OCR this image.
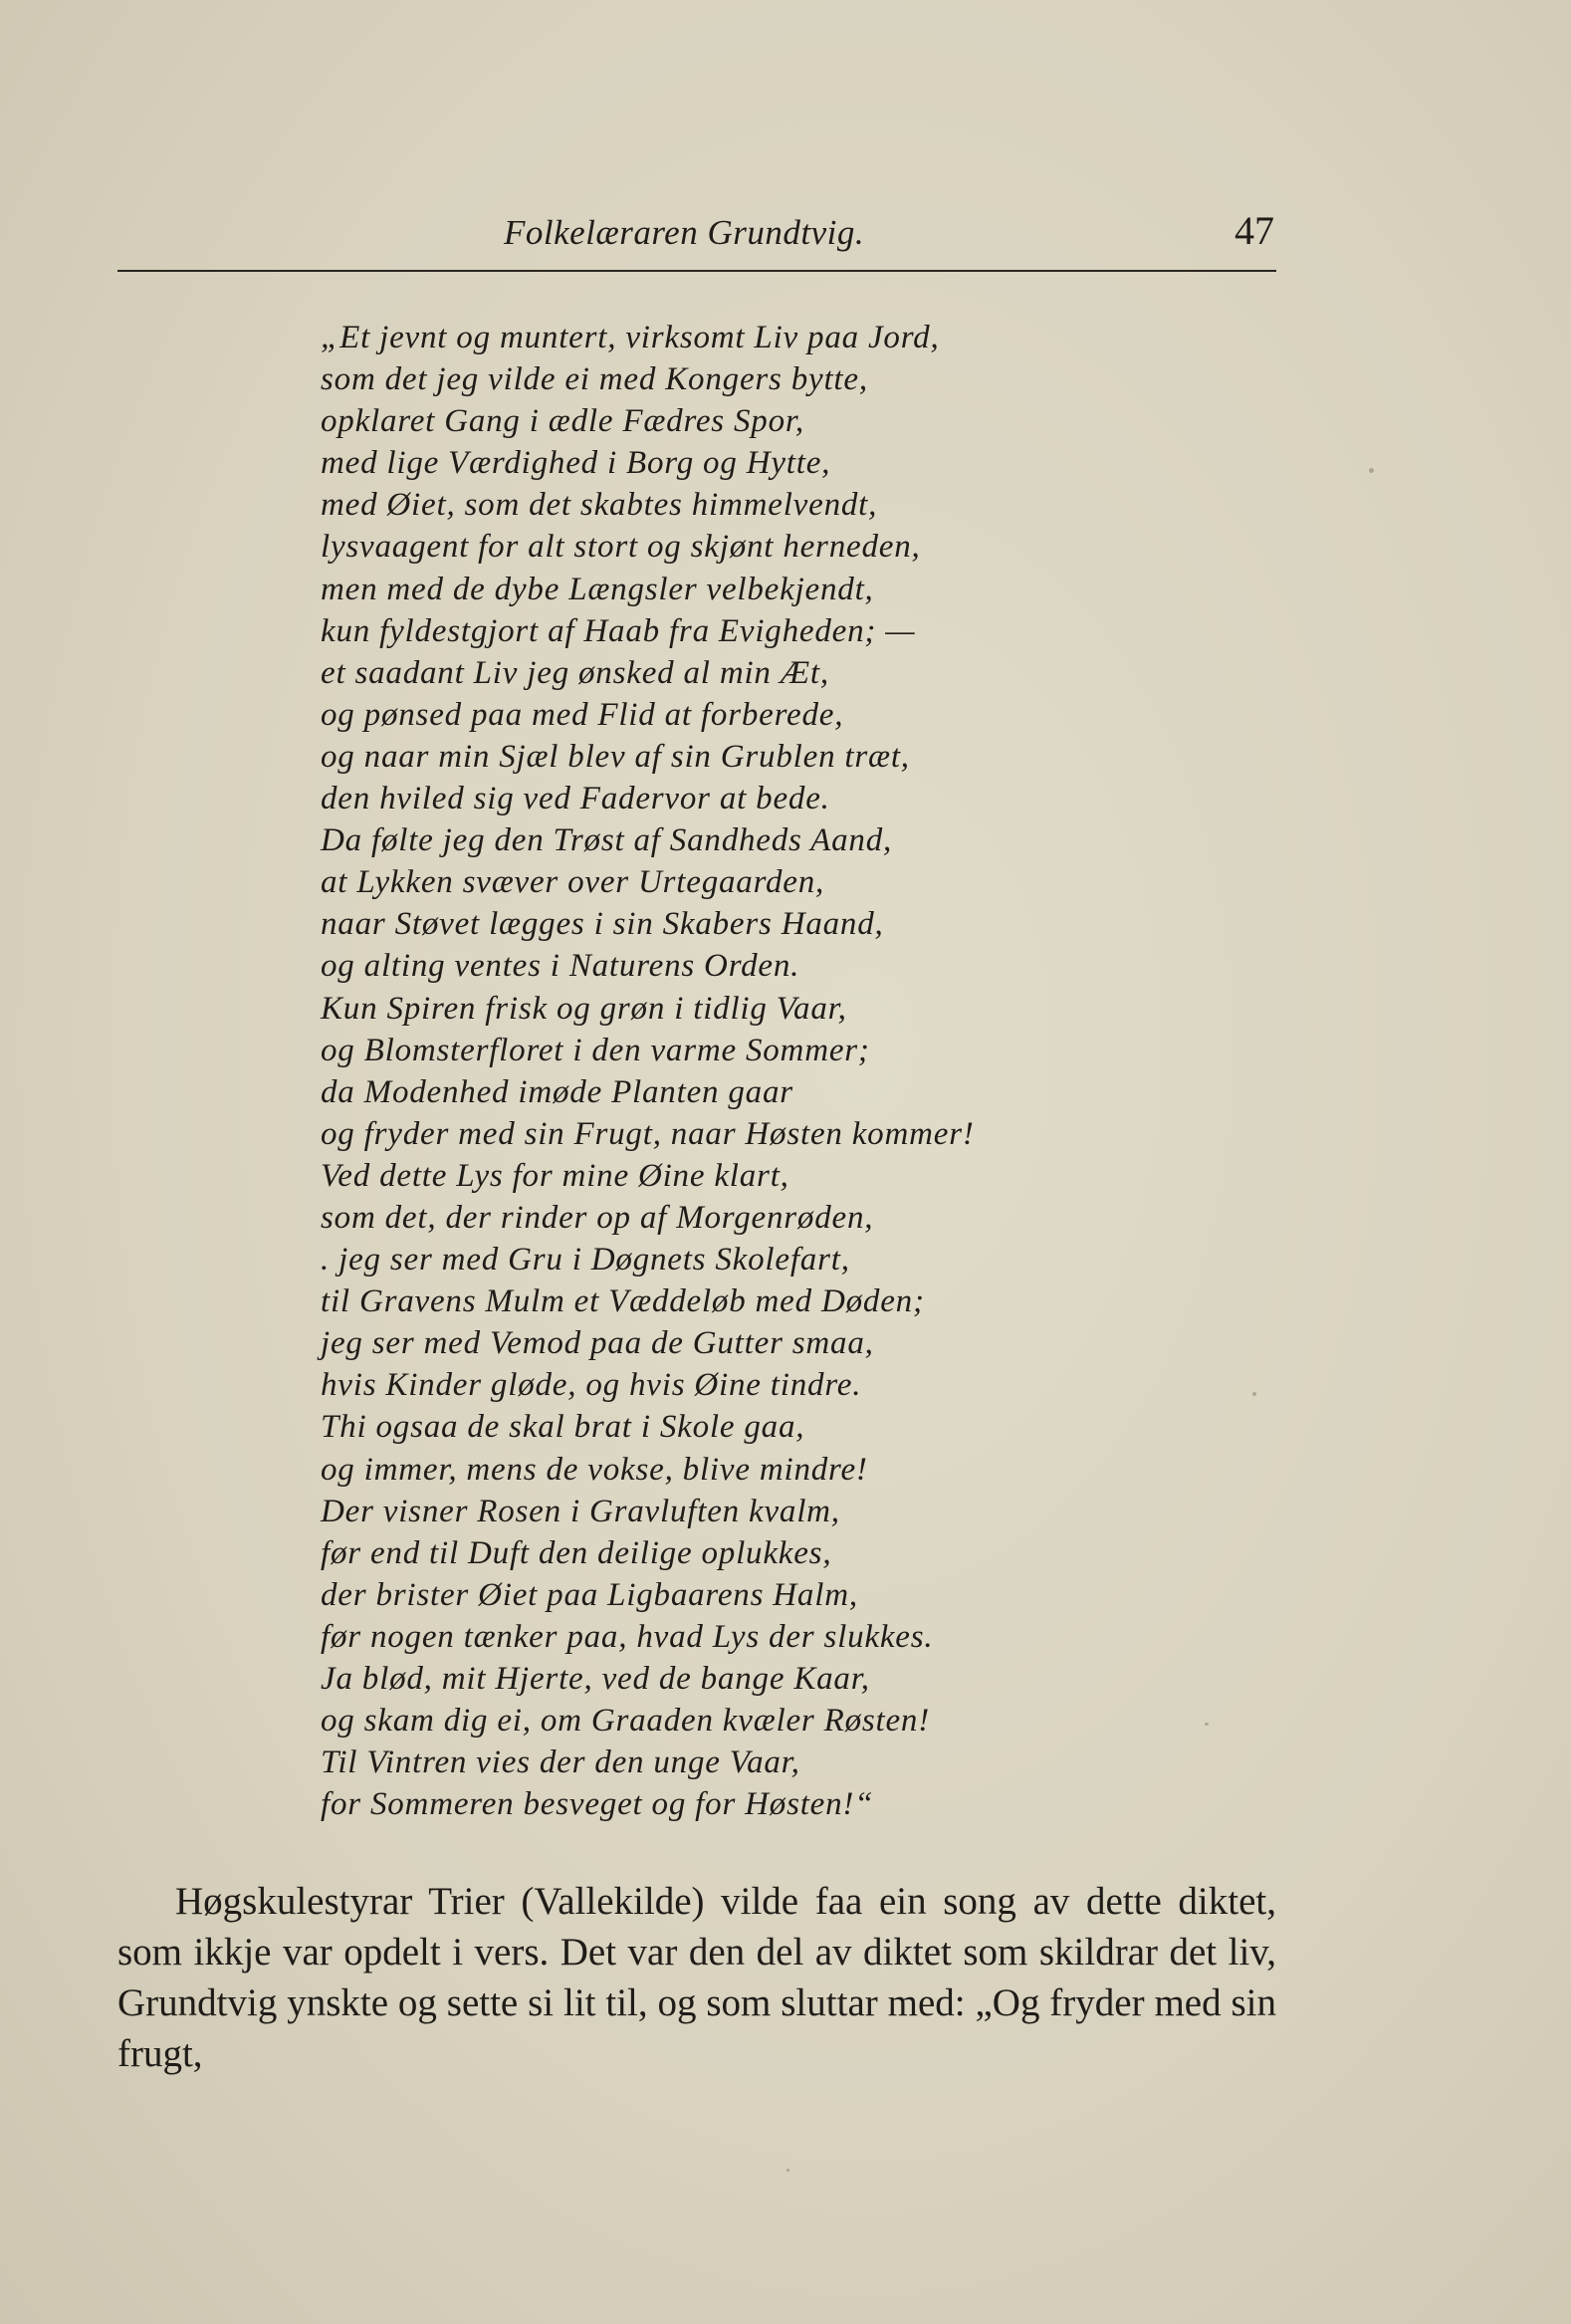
Folkelæraren Grundtvig.	47
„Et jevnt og muntert, virksomt Liv paa Jord,
som det jeg vilde ei med Kongers bytte,
opklaret Gang i ædle Fædres Spor,
med lige Værdighed i Borg og Hytte,
med Øiet, som det skabtes himmelvendt,
lysvaagent for alt stort og skjønt herneden,
men med de dybe Længsler velbekjendt,
kun fyldestgjort af Haab fra Evigheden; —
et saadant Liv jeg ønsked al min Æt,
og pønsed paa med Flid at forberede,
og naar min Sjæl blev af sin Grublen træt,
den hviled sig ved Fadervor at bede.
Da følte jeg den Trøst af Sandheds Aand,
at Lykken svæver over Urtegaarden,
naar Støvet lægges i sin Skabers Haand,
og alting ventes i Naturens Orden.
Kun Spiren frisk og grøn i tidlig Vaar,
og Blomsterfloret i den varme Sommer;
da Modenhed imøde Planten gaar
og fryder med sin Frugt, naar Høsten kommer!
Ved dette Lys for mine Øine klart,
som det, der rinder op af Morgenrøden,
. jeg ser med Gru i Døgnets Skolefart,
til Gravens Mulm et Væddeløb med Døden;
jeg ser med Vemod paa de Gutter smaa,
hvis Kinder gløde, og hvis Øine tindre.
Thi ogsaa de skal brat i Skole gaa,
og immer, mens de vokse, blive mindre!
Der visner Rosen i Gravluften kvalm,
før end til Duft den deilige oplukkes,
der brister Øiet paa Ligbaarens Halm,
før nogen tænker paa, hvad Lys der slukkes.
Ja blød, mit Hjerte, ved de bange Kaar,
og skam dig ei, om Graaden kvæler Røsten!
Til Vintren vies der den unge Vaar,
for Sommeren besveget og for Høsten!“

Høgskulestyrar Trier (Vallekilde) vilde faa ein song av dette diktet, som ikkje var opdelt i vers. Det var den del av diktet som skildrar det liv, Grundtvig ynskte og sette si lit til, og som sluttar med: „Og fryder med sin frugt,
